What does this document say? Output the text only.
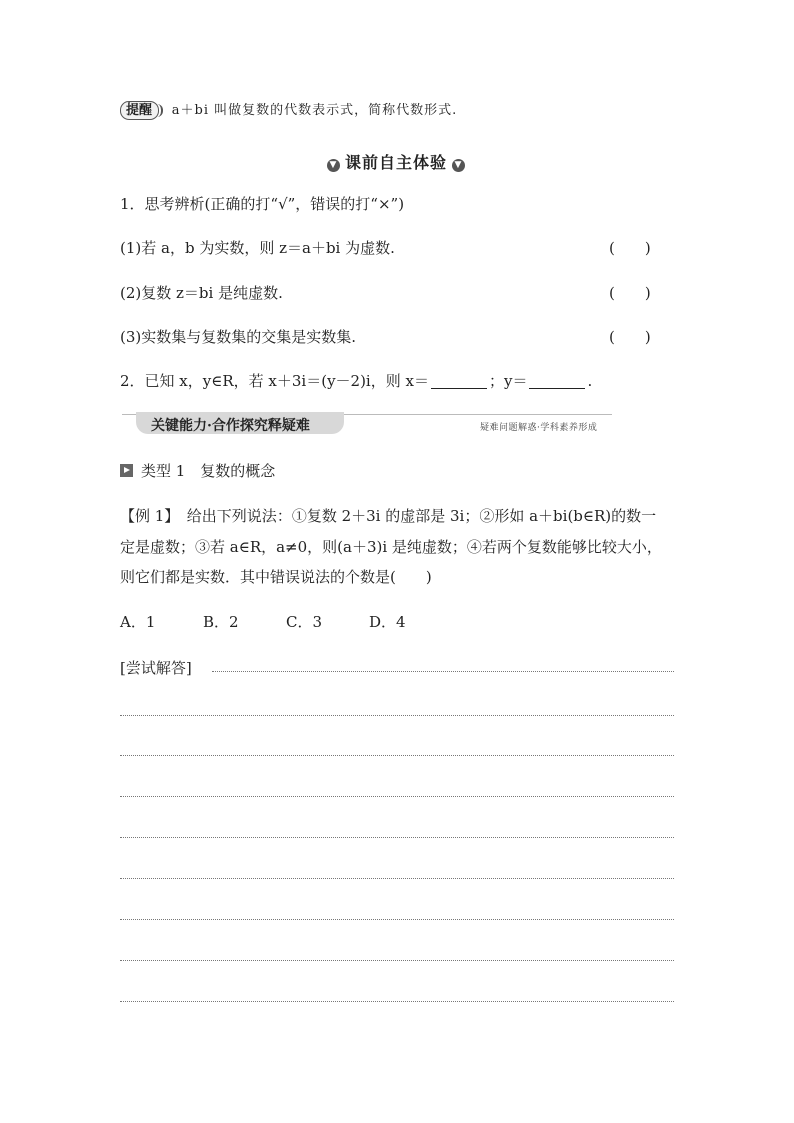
提醒 a＋bi 叫做复数的代数表示式，简称代数形式.
▼ 课前自主体验 ▼
1．思考辨析(正确的打“√”，错误的打“×”)
(1)若 a，b 为实数，则 z＝a＋bi 为虚数.	(　　)
(2)复数 z＝bi 是纯虚数.	(　　)
(3)实数集与复数集的交集是实数集.	(　　)
2．已知 x，y∈R，若 x＋3i＝(y－2)i，则 x＝	；y＝	.
关键能力·合作探究释疑难	疑难问题解惑·学科素养形成
类型 1　复数的概念
【例 1】　给出下列说法：①复数 2＋3i 的虚部是 3i；②形如 a＋bi(b∈R)的数一
定是虚数；③若 a∈R，a≠0，则(a＋3)i 是纯虚数；④若两个复数能够比较大小，
则它们都是实数．其中错误说法的个数是(　　)
A．1	B．2	C．3	D．4
[尝试解答]
